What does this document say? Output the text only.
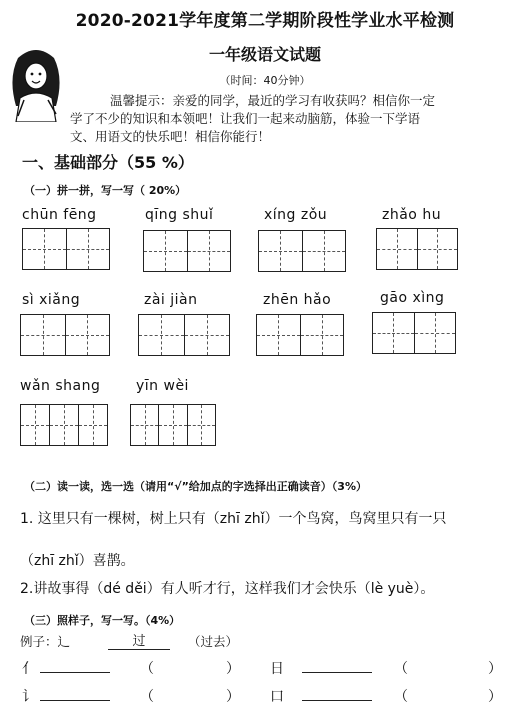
2020-2021学年度第二学期阶段性学业水平检测
一年级语文试题
（时间：40分钟）
温馨提示：亲爱的同学，最近的学习有收获吗？相信你一定
学了不少的知识和本领吧！让我们一起来动脑筋，体验一下学语
文、用语文的快乐吧！相信你能行！
一、基础部分（55 %）
（一）拼一拼，写一写（ 20%）
chūn fēng	qīng shuǐ	xíng zǒu	zhǎo hu
sì xiǎng	zài jiàn	zhēn hǎo	gāo xìng
wǎn shang	yīn wèi
（二）读一读，选一选（请用“√”给加点的字选择出正确读音）（3%）
1. 这里只有一棵树，树上只有（zhī zhǐ）一个鸟窝，鸟窝里只有一只
（zhī zhǐ）喜鹊。
2.讲故事得（dé děi）有人听才行，这样我们才会快乐（lè yuè）。
（三）照样子，写一写。（4%）
例子：辶	过	（过去）
亻	（	） 日	（	）
讠	（	） 口	（	）
